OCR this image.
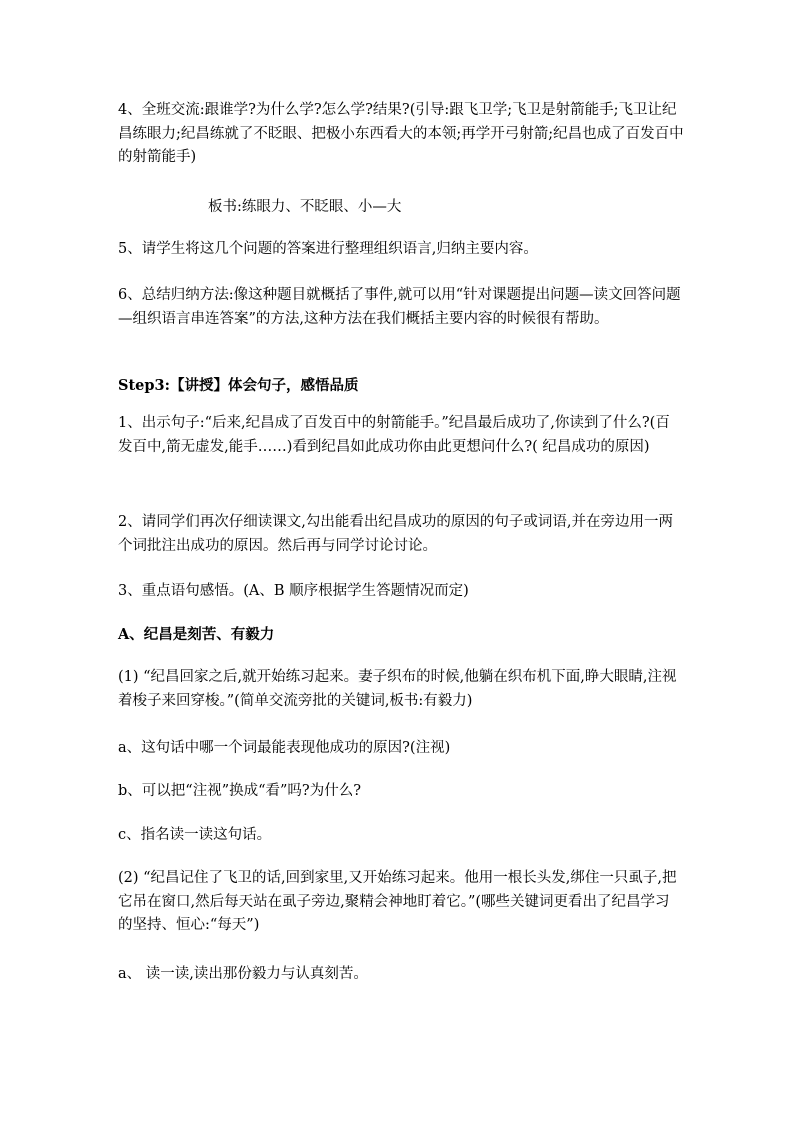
4、全班交流:跟谁学?为什么学?怎么学?结果?(引导:跟飞卫学;飞卫是射箭能手;飞卫让纪昌练眼力;纪昌练就了不眨眼、把极小东西看大的本领;再学开弓射箭;纪昌也成了百发百中的射箭能手)

板书:练眼力、不眨眼、小—大

5、请学生将这几个问题的答案进行整理组织语言,归纳主要内容。

6、总结归纳方法:像这种题目就概括了事件,就可以用“针对课题提出问题—读文回答问题—组织语言串连答案”的方法,这种方法在我们概括主要内容的时候很有帮助。

Step3:【讲授】体会句子，感悟品质

1、出示句子:“后来,纪昌成了百发百中的射箭能手。”纪昌最后成功了,你读到了什么?(百发百中,箭无虚发,能手……)看到纪昌如此成功你由此更想问什么?( 纪昌成功的原因)

2、请同学们再次仔细读课文,勾出能看出纪昌成功的原因的句子或词语,并在旁边用一两个词批注出成功的原因。然后再与同学讨论讨论。

3、重点语句感悟。(A、B 顺序根据学生答题情况而定)

A、纪昌是刻苦、有毅力

(1) “纪昌回家之后,就开始练习起来。妻子织布的时候,他躺在织布机下面,睁大眼睛,注视着梭子来回穿梭。”(简单交流旁批的关键词,板书:有毅力)

a、这句话中哪一个词最能表现他成功的原因?(注视)

b、可以把“注视”换成“看”吗?为什么?

c、指名读一读这句话。

(2) “纪昌记住了飞卫的话,回到家里,又开始练习起来。他用一根长头发,绑住一只虱子,把它吊在窗口,然后每天站在虱子旁边,聚精会神地盯着它。”(哪些关键词更看出了纪昌学习的坚持、恒心:“每天”)

a、 读一读,读出那份毅力与认真刻苦。
